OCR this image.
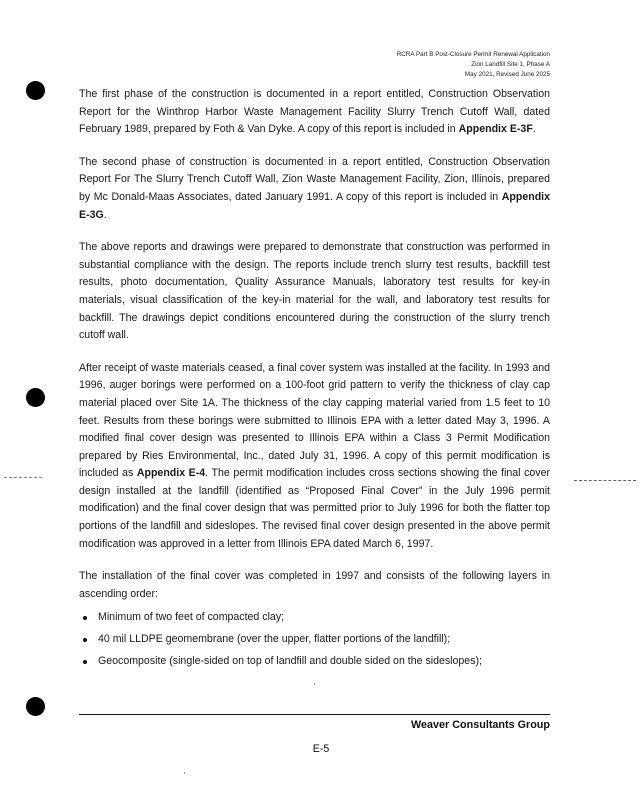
RCRA Part B Post-Closure Permit Renewal Application
Zion Landfill Site 1, Phase A
May 2021, Revised June 2025

The first phase of the construction is documented in a report entitled, Construction Observation Report for the Winthrop Harbor Waste Management Facility Slurry Trench Cutoff Wall, dated February 1989, prepared by Foth & Van Dyke. A copy of this report is included in Appendix E-3F.

The second phase of construction is documented in a report entitled, Construction Observation Report For The Slurry Trench Cutoff Wall, Zion Waste Management Facility, Zion, Illinois, prepared by Mc Donald-Maas Associates, dated January 1991. A copy of this report is included in Appendix E-3G.

The above reports and drawings were prepared to demonstrate that construction was performed in substantial compliance with the design. The reports include trench slurry test results, backfill test results, photo documentation, Quality Assurance Manuals, laboratory test results for key-in materials, visual classification of the key-in material for the wall, and laboratory test results for backfill. The drawings depict conditions encountered during the construction of the slurry trench cutoff wall.

After receipt of waste materials ceased, a final cover system was installed at the facility. In 1993 and 1996, auger borings were performed on a 100-foot grid pattern to verify the thickness of clay cap material placed over Site 1A. The thickness of the clay capping material varied from 1.5 feet to 10 feet. Results from these borings were submitted to Illinois EPA with a letter dated May 3, 1996. A modified final cover design was presented to Illinois EPA within a Class 3 Permit Modification prepared by Ries Environmental, Inc., dated July 31, 1996. A copy of this permit modification is included as Appendix E-4. The permit modification includes cross sections showing the final cover design installed at the landfill (identified as “Proposed Final Cover” in the July 1996 permit modification) and the final cover design that was permitted prior to July 1996 for both the flatter top portions of the landfill and sideslopes. The revised final cover design presented in the above permit modification was approved in a letter from Illinois EPA dated March 6, 1997.

The installation of the final cover was completed in 1997 and consists of the following layers in ascending order:

Minimum of two feet of compacted clay;
40 mil LLDPE geomembrane (over the upper, flatter portions of the landfill);
Geocomposite (single-sided on top of landfill and double sided on the sideslopes);
Weaver Consultants Group
E-5
